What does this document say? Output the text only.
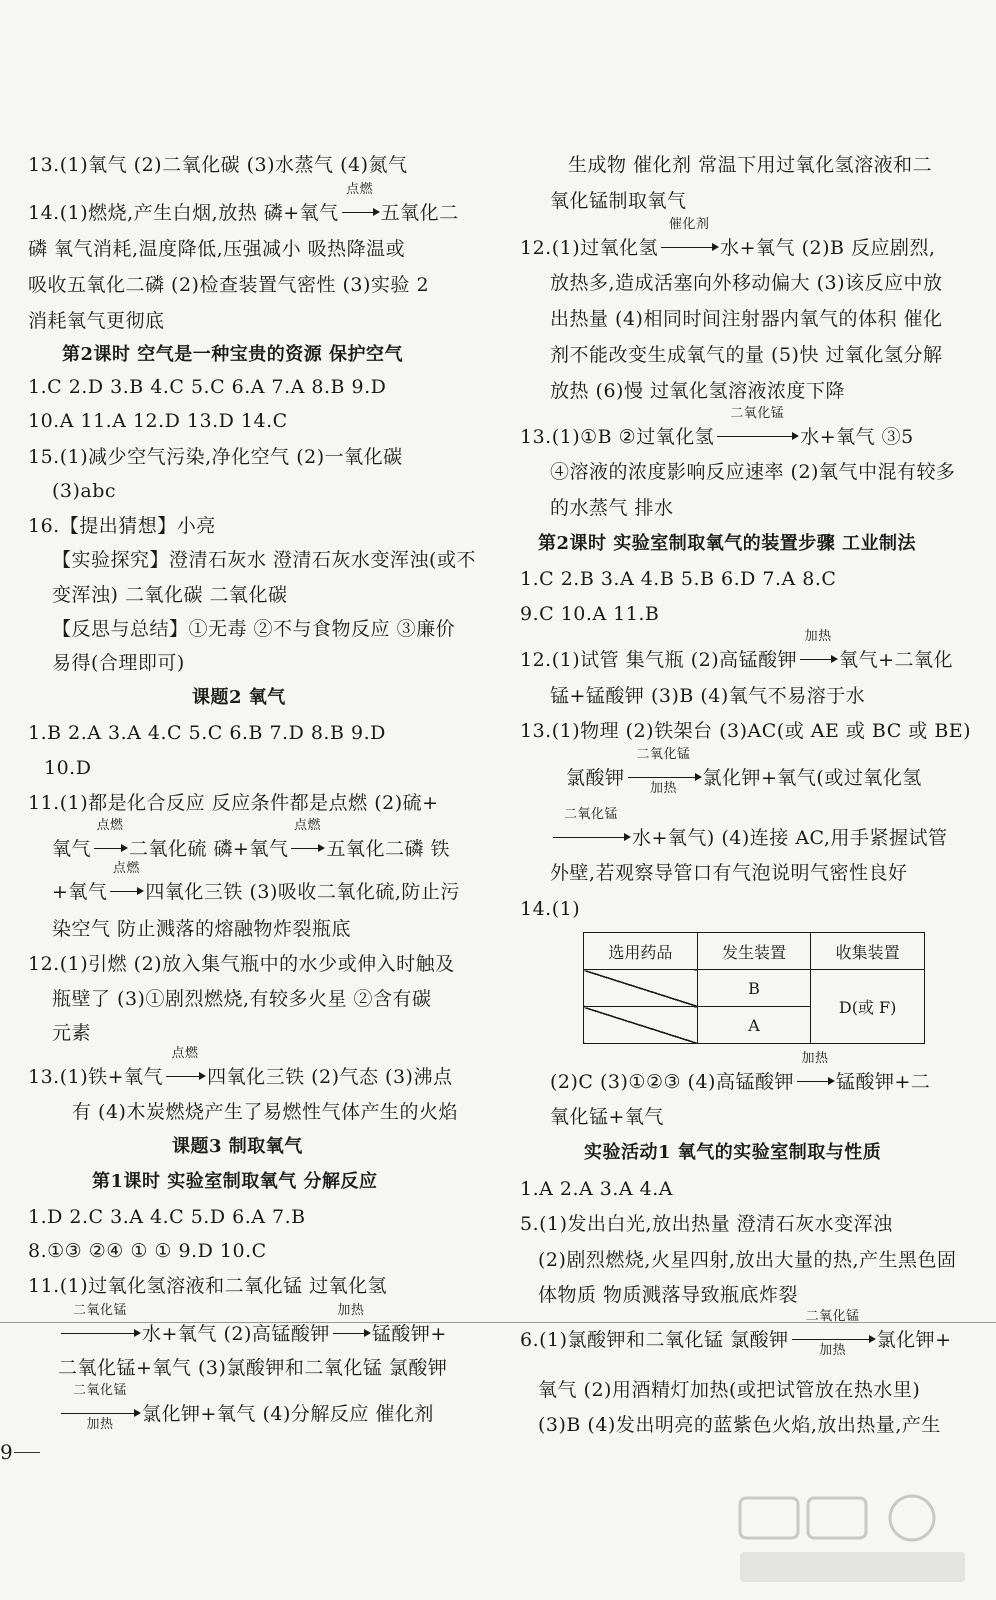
13.(1)氧气 (2)二氧化碳 (3)水蒸气 (4)氮气
14.(1)燃烧,产生白烟,放热 磷+氧气
点燃
五氧化二
磷 氧气消耗,温度降低,压强减小 吸热降温或
吸收五氧化二磷 (2)检查装置气密性 (3)实验 2
消耗氧气更彻底
第2课时 空气是一种宝贵的资源 保护空气
1.C 2.D 3.B 4.C 5.C 6.A 7.A 8.B 9.D
10.A 11.A 12.D 13.D 14.C
15.(1)减少空气污染,净化空气 (2)一氧化碳
(3)abc
16.【提出猜想】小亮
【实验探究】澄清石灰水 澄清石灰水变浑浊(或不
变浑浊) 二氧化碳 二氧化碳
【反思与总结】①无毒 ②不与食物反应 ③廉价
易得(合理即可)
课题2 氧气
1.B 2.A 3.A 4.C 5.C 6.B 7.D 8.B 9.D
10.D
11.(1)都是化合反应 反应条件都是点燃 (2)硫+
氧气
点燃
二氧化硫 磷+氧气
点燃
五氧化二磷 铁
+氧气
点燃
四氧化三铁 (3)吸收二氧化硫,防止污
染空气 防止溅落的熔融物炸裂瓶底
12.(1)引燃 (2)放入集气瓶中的水少或伸入时触及
瓶壁了 (3)①剧烈燃烧,有较多火星 ②含有碳
元素
13.(1)铁+氧气
点燃
四氧化三铁 (2)气态 (3)沸点
有 (4)木炭燃烧产生了易燃性气体产生的火焰
课题3 制取氧气
第1课时 实验室制取氧气 分解反应
1.D 2.C 3.A 4.C 5.D 6.A 7.B
8.①③ ②④ ① ① 9.D 10.C
11.(1)过氧化氢溶液和二氧化锰 过氧化氢
二氧化锰
水+氧气 (2)高锰酸钾
加热
锰酸钾+
二氧化锰+氧气 (3)氯酸钾和二氧化锰 氯酸钾
二氧化锰
加热	氯化钾+氧气 (4)分解反应 催化剂
生成物 催化剂 常温下用过氧化氢溶液和二
氧化锰制取氧气
12.(1)过氧化氢
催化剂
水+氧气 (2)B 反应剧烈,
放热多,造成活塞向外移动偏大 (3)该反应中放
出热量 (4)相同时间注射器内氧气的体积 催化
剂不能改变生成氧气的量 (5)快 过氧化氢分解
放热 (6)慢 过氧化氢溶液浓度下降
13.(1)①B ②过氧化氢
二氧化锰
水+氧气 ③5
④溶液的浓度影响反应速率 (2)氧气中混有较多
的水蒸气 排水
第2课时 实验室制取氧气的装置步骤 工业制法
1.C 2.B 3.A 4.B 5.B 6.D 7.A 8.C
9.C 10.A 11.B
12.(1)试管 集气瓶 (2)高锰酸钾
加热
氧气+二氧化
锰+锰酸钾 (3)B (4)氧气不易溶于水
13.(1)物理 (2)铁架台 (3)AC(或 AE 或 BC 或 BE)
氯酸钾
二氧化锰
加热	氯化钾+氧气(或过氧化氢
二氧化锰
水+氧气) (4)连接 AC,用手紧握试管
外壁,若观察导管口有气泡说明气密性良好
14.(1)
选用药品	发生装置	收集装置
	B	D(或 F)
	A	
(2)C (3)①②③ (4)高锰酸钾
加热
锰酸钾+二
氧化锰+氧气
实验活动1 氧气的实验室制取与性质
1.A 2.A 3.A 4.A
5.(1)发出白光,放出热量 澄清石灰水变浑浊
(2)剧烈燃烧,火星四射,放出大量的热,产生黑色固
体物质 物质溅落导致瓶底炸裂
6.(1)氯酸钾和二氧化锰 氯酸钾
二氧化锰
加热	氯化钾+
氧气 (2)用酒精灯加热(或把试管放在热水里)
(3)B (4)发出明亮的蓝紫色火焰,放出热量,产生
9
